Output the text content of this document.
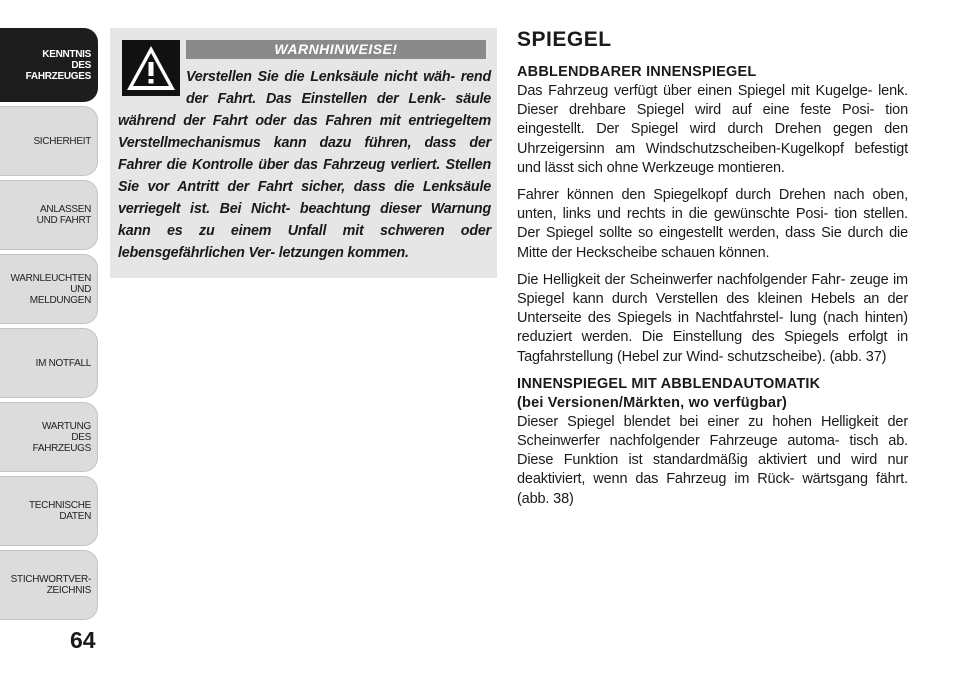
KENNTNIS
DES
FAHRZEUGES
SICHERHEIT
ANLASSEN
UND FAHRT
WARNLEUCHTEN
UND
MELDUNGEN
IM NOTFALL
WARTUNG
DES
FAHRZEUGS
TECHNISCHE
DATEN
STICHWORTVER-
ZEICHNIS
64
WARNHINWEISE!
Verstellen Sie die Lenksäule nicht wäh- rend der Fahrt. Das Einstellen der Lenk- säule während der Fahrt oder das Fahren mit entriegeltem Verstellmechanismus kann dazu führen, dass der Fahrer die Kontrolle über das Fahrzeug verliert. Stellen Sie vor Antritt der Fahrt sicher, dass die Lenksäule verriegelt ist. Bei Nicht- beachtung dieser Warnung kann es zu einem Unfall mit schweren oder lebensgefährlichen Ver- letzungen kommen.
SPIEGEL
ABBLENDBARER INNENSPIEGEL

Das Fahrzeug verfügt über einen Spiegel mit Kugelge- lenk. Dieser drehbare Spiegel wird auf eine feste Posi- tion eingestellt. Der Spiegel wird durch Drehen gegen den Uhrzeigersinn am Windschutzscheiben-Kugelkopf befestigt und lässt sich ohne Werkzeuge montieren.

Fahrer können den Spiegelkopf durch Drehen nach oben, unten, links und rechts in die gewünschte Posi- tion stellen. Der Spiegel sollte so eingestellt werden, dass Sie durch die Mitte der Heckscheibe schauen können.

Die Helligkeit der Scheinwerfer nachfolgender Fahr- zeuge im Spiegel kann durch Verstellen des kleinen Hebels an der Unterseite des Spiegels in Nachtfahrstel- lung (nach hinten) reduziert werden. Die Einstellung des Spiegels erfolgt in Tagfahrstellung (Hebel zur Wind- schutzscheibe). (abb. 37)

INNENSPIEGEL MIT ABBLENDAUTOMATIK
(bei Versionen/Märkten, wo verfügbar)

Dieser Spiegel blendet bei einer zu hohen Helligkeit der Scheinwerfer nachfolgender Fahrzeuge automa- tisch ab. Diese Funktion ist standardmäßig aktiviert und wird nur deaktiviert, wenn das Fahrzeug im Rück- wärtsgang fährt. (abb. 38)
